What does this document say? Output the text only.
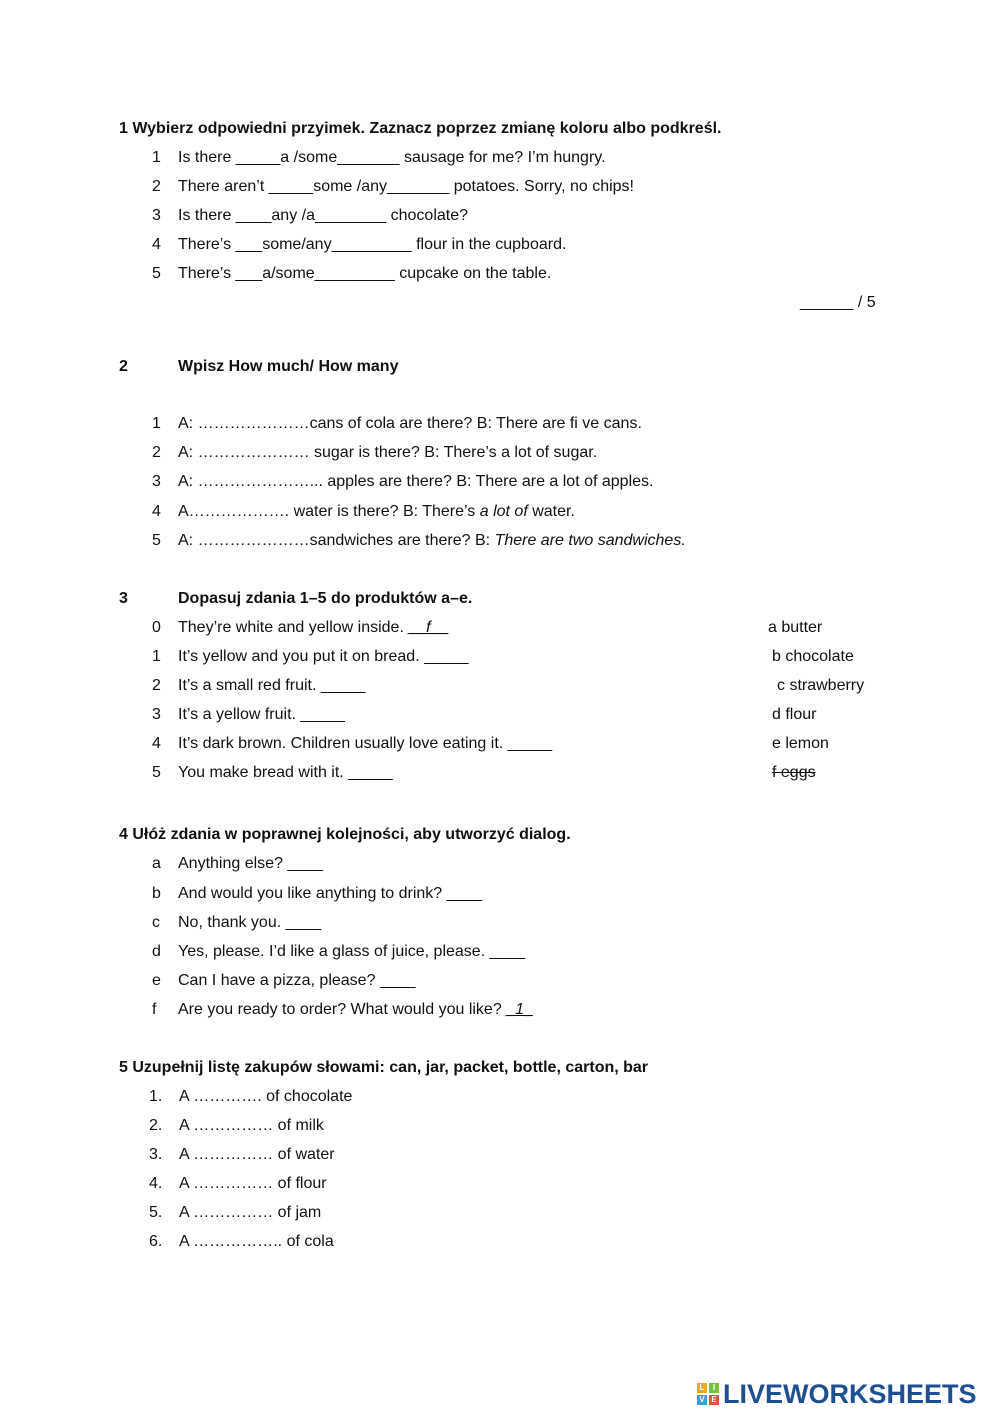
1 Wybierz odpowiedni przyimek. Zaznacz poprzez zmianę koloru albo podkreśl.
1	Is there _____a /some_______ sausage for me? I’m hungry.
2	There aren’t _____some /any_______ potatoes. Sorry, no chips!
3	Is there ____any /a________ chocolate?
4	There’s ___some/any_________ flour in the cupboard.
5	There’s ___a/some_________ cupcake on the table.
______ / 5
2	Wpisz How much/ How many
1	A: …………………cans of cola are there? B: There are fi ve cans.
2	A: ………………… sugar is there? B: There’s a lot of sugar.
3	A: …………………... apples are there? B: There are a lot of apples.
4	A………………. water is there? B: There’s a lot of water.
5	A: …………………sandwiches are there? B: There are two sandwiches.
3	Dopasuj zdania 1–5 do produktów a–e.
0	They’re white and yellow inside. __f__
1	It’s yellow and you put it on bread. _____
2	It’s a small red fruit. _____
3	It’s a yellow fruit. _____
4	It’s dark brown. Children usually love eating it. _____
5	You make bread with it. _____
a butter
b chocolate
c strawberry
d flour
e lemon
f eggs
4 Ułóż zdania w poprawnej kolejności, aby utworzyć dialog.
a	Anything else? ____
b	And would you like anything to drink? ____
c	No, thank you. ____
d	Yes, please. I’d like a glass of juice, please. ____
e	Can I have a pizza, please? ____
f	Are you ready to order? What would you like? _1_
5 Uzupełnij listę zakupów słowami: can, jar, packet, bottle, carton, bar
1.	A …………. of chocolate
2.	A …………… of milk
3.	A …………… of water
4.	A …………… of flour
5.	A …………… of jam
6.	A …………….. of cola
L	I
V E LIVEWORKSHEETS
